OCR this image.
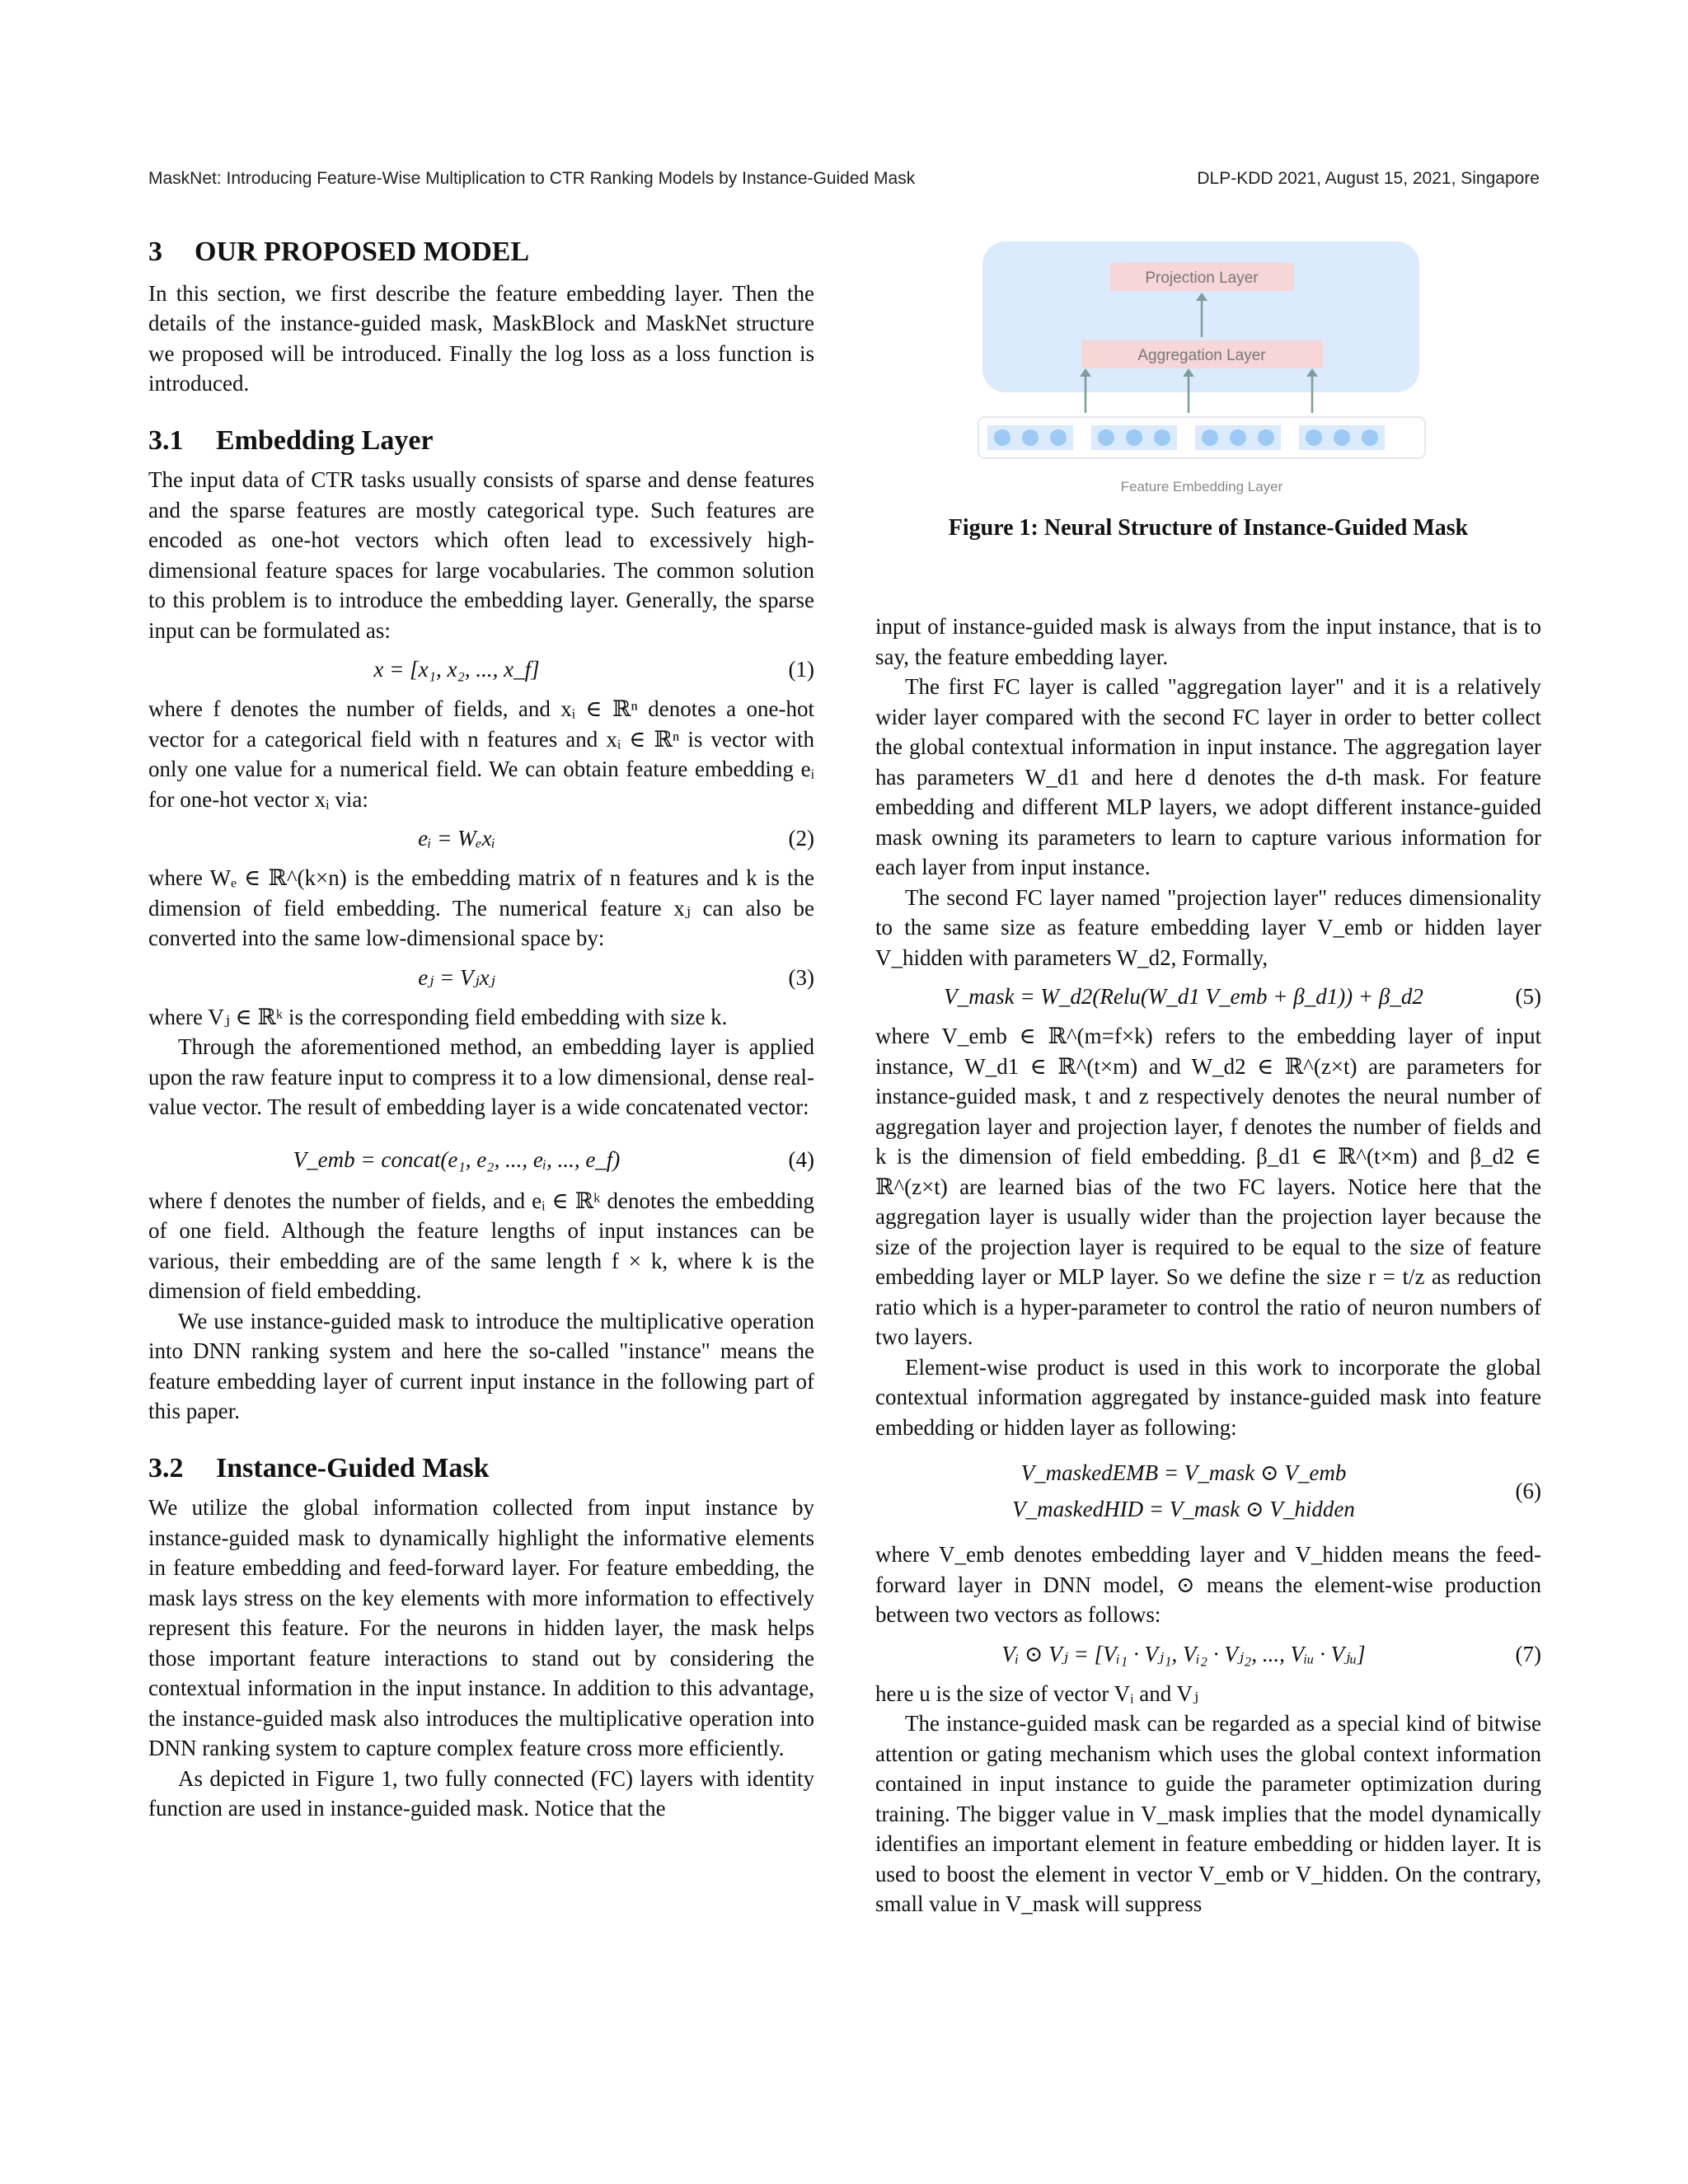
MaskNet: Introducing Feature-Wise Multiplication to CTR Ranking Models by Instance-Guided Mask	DLP-KDD 2021, August 15, 2021, Singapore
3 OUR PROPOSED MODEL

In this section, we first describe the feature embedding layer. Then the details of the instance-guided mask, MaskBlock and MaskNet structure we proposed will be introduced. Finally the log loss as a loss function is introduced.

3.1 Embedding Layer

The input data of CTR tasks usually consists of sparse and dense features and the sparse features are mostly categorical type. Such features are encoded as one-hot vectors which often lead to excessively high-dimensional feature spaces for large vocabularies. The common solution to this problem is to introduce the embedding layer. Generally, the sparse input can be formulated as:

x = [x₁, x₂, ..., x_f]	(1)

where f denotes the number of fields, and xᵢ ∈ ℝⁿ denotes a one-hot vector for a categorical field with n features and xᵢ ∈ ℝⁿ is vector with only one value for a numerical field. We can obtain feature embedding eᵢ for one-hot vector xᵢ via:

eᵢ = Wₑxᵢ	(2)

where Wₑ ∈ ℝ^(k×n) is the embedding matrix of n features and k is the dimension of field embedding. The numerical feature xⱼ can also be converted into the same low-dimensional space by:

eⱼ = Vⱼxⱼ	(3)

where Vⱼ ∈ ℝᵏ is the corresponding field embedding with size k.

Through the aforementioned method, an embedding layer is applied upon the raw feature input to compress it to a low dimensional, dense real-value vector. The result of embedding layer is a wide concatenated vector:

V_emb = concat(e₁, e₂, ..., eᵢ, ..., e_f)	(4)

where f denotes the number of fields, and eᵢ ∈ ℝᵏ denotes the embedding of one field. Although the feature lengths of input instances can be various, their embedding are of the same length f × k, where k is the dimension of field embedding.

We use instance-guided mask to introduce the multiplicative operation into DNN ranking system and here the so-called "instance" means the feature embedding layer of current input instance in the following part of this paper.

3.2 Instance-Guided Mask

We utilize the global information collected from input instance by instance-guided mask to dynamically highlight the informative elements in feature embedding and feed-forward layer. For feature embedding, the mask lays stress on the key elements with more information to effectively represent this feature. For the neurons in hidden layer, the mask helps those important feature interactions to stand out by considering the contextual information in the input instance. In addition to this advantage, the instance-guided mask also introduces the multiplicative operation into DNN ranking system to capture complex feature cross more efficiently.

As depicted in Figure 1, two fully connected (FC) layers with identity function are used in instance-guided mask. Notice that the

Projection Layer
Aggregation Layer
Feature Embedding Layer
Figure 1: Neural Structure of Instance-Guided Mask

input of instance-guided mask is always from the input instance, that is to say, the feature embedding layer.

The first FC layer is called "aggregation layer" and it is a relatively wider layer compared with the second FC layer in order to better collect the global contextual information in input instance. The aggregation layer has parameters W_d1 and here d denotes the d-th mask. For feature embedding and different MLP layers, we adopt different instance-guided mask owning its parameters to learn to capture various information for each layer from input instance.

The second FC layer named "projection layer" reduces dimensionality to the same size as feature embedding layer V_emb or hidden layer V_hidden with parameters W_d2, Formally,

V_mask = W_d2(Relu(W_d1 V_emb + β_d1)) + β_d2	(5)

where V_emb ∈ ℝ^(m=f×k) refers to the embedding layer of input instance, W_d1 ∈ ℝ^(t×m) and W_d2 ∈ ℝ^(z×t) are parameters for instance-guided mask, t and z respectively denotes the neural number of aggregation layer and projection layer, f denotes the number of fields and k is the dimension of field embedding. β_d1 ∈ ℝ^(t×m) and β_d2 ∈ ℝ^(z×t) are learned bias of the two FC layers. Notice here that the aggregation layer is usually wider than the projection layer because the size of the projection layer is required to be equal to the size of feature embedding layer or MLP layer. So we define the size r = t/z as reduction ratio which is a hyper-parameter to control the ratio of neuron numbers of two layers.

Element-wise product is used in this work to incorporate the global contextual information aggregated by instance-guided mask into feature embedding or hidden layer as following:

V_maskedEMB = V_mask ⊙ V_emb
V_maskedHID = V_mask ⊙ V_hidden
(6)

where V_emb denotes embedding layer and V_hidden means the feed-forward layer in DNN model, ⊙ means the element-wise production between two vectors as follows:

Vᵢ ⊙ Vⱼ = [Vᵢ₁ · Vⱼ₁, Vᵢ₂ · Vⱼ₂, ..., Vᵢᵤ · Vⱼᵤ]	(7)

here u is the size of vector Vᵢ and Vⱼ

The instance-guided mask can be regarded as a special kind of bitwise attention or gating mechanism which uses the global context information contained in input instance to guide the parameter optimization during training. The bigger value in V_mask implies that the model dynamically identifies an important element in feature embedding or hidden layer. It is used to boost the element in vector V_emb or V_hidden. On the contrary, small value in V_mask will suppress
